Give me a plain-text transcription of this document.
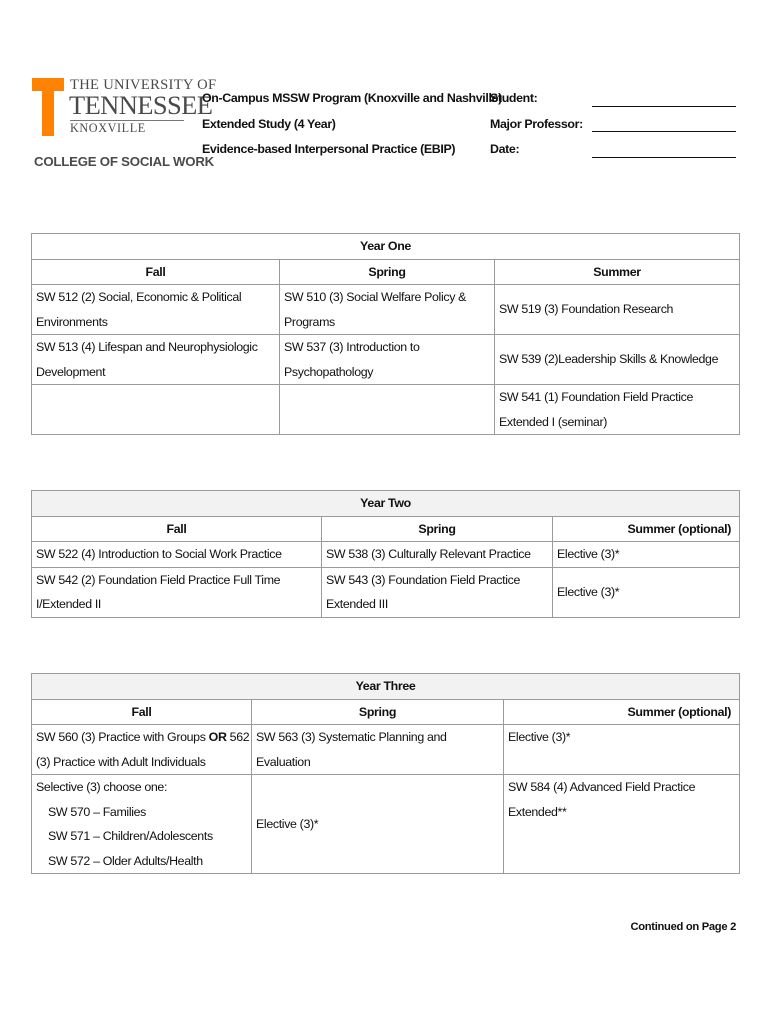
THE UNIVERSITY OF
TENNESSEE
KNOXVILLE
COLLEGE OF SOCIAL WORK
On-Campus MSSW Program (Knoxville and Nashville)
Extended Study (4 Year)
Evidence-based Interpersonal Practice (EBIP)
Student:
Major Professor:
Date:
Year One		
Fall	Spring	Summer
SW 512 (2) Social, Economic & Political Environments	SW 510 (3) Social Welfare Policy & Programs	SW 519 (3) Foundation Research
SW 513 (4) Lifespan and Neurophysiologic Development	SW 537 (3) Introduction to Psychopathology	SW 539 (2)Leadership Skills & Knowledge
		SW 541 (1) Foundation Field Practice Extended I (seminar)
Year Two		
Fall	Spring	Summer (optional)
SW 522 (4) Introduction to Social Work Practice	SW 538 (3) Culturally Relevant Practice	Elective (3)*
SW 542 (2) Foundation Field Practice Full Time I/Extended II	SW 543 (3) Foundation Field Practice Extended III	Elective (3)*
Year Three		
Fall	Spring	Summer (optional)
SW 560 (3) Practice with Groups OR 562 (3) Practice with Adult Individuals	SW 563 (3) Systematic Planning and Evaluation	Elective (3)*

Selective (3) choose one:
SW 570 – Families
SW 571 – Children/Adolescents
SW 572 – Older Adults/Health	Elective (3)*	SW 584 (4) Advanced Field Practice Extended**
Continued on Page 2
